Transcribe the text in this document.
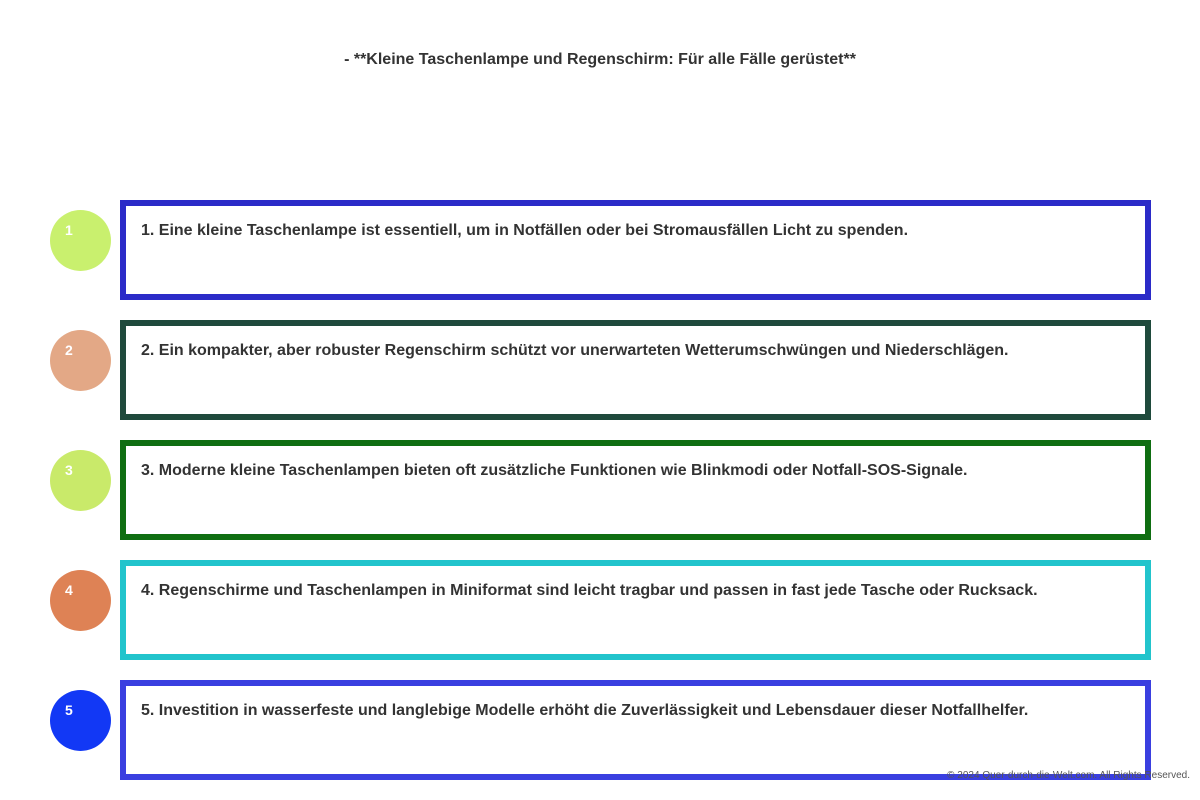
- **Kleine Taschenlampe und Regenschirm: Für alle Fälle gerüstet**
1	1. Eine kleine Taschenlampe ist essentiell, um in Notfällen oder bei Stromausfällen Licht zu spenden.
2	2. Ein kompakter, aber robuster Regenschirm schützt vor unerwarteten Wetterumschwüngen und Niederschlägen.
3	3. Moderne kleine Taschenlampen bieten oft zusätzliche Funktionen wie Blinkmodi oder Notfall-SOS-Signale.
4	4. Regenschirme und Taschenlampen in Miniformat sind leicht tragbar und passen in fast jede Tasche oder Rucksack.
5	5. Investition in wasserfeste und langlebige Modelle erhöht die Zuverlässigkeit und Lebensdauer dieser Notfallhelfer.
© 2024 Quer-durch-die-Welt.com. All Rights Reserved.
